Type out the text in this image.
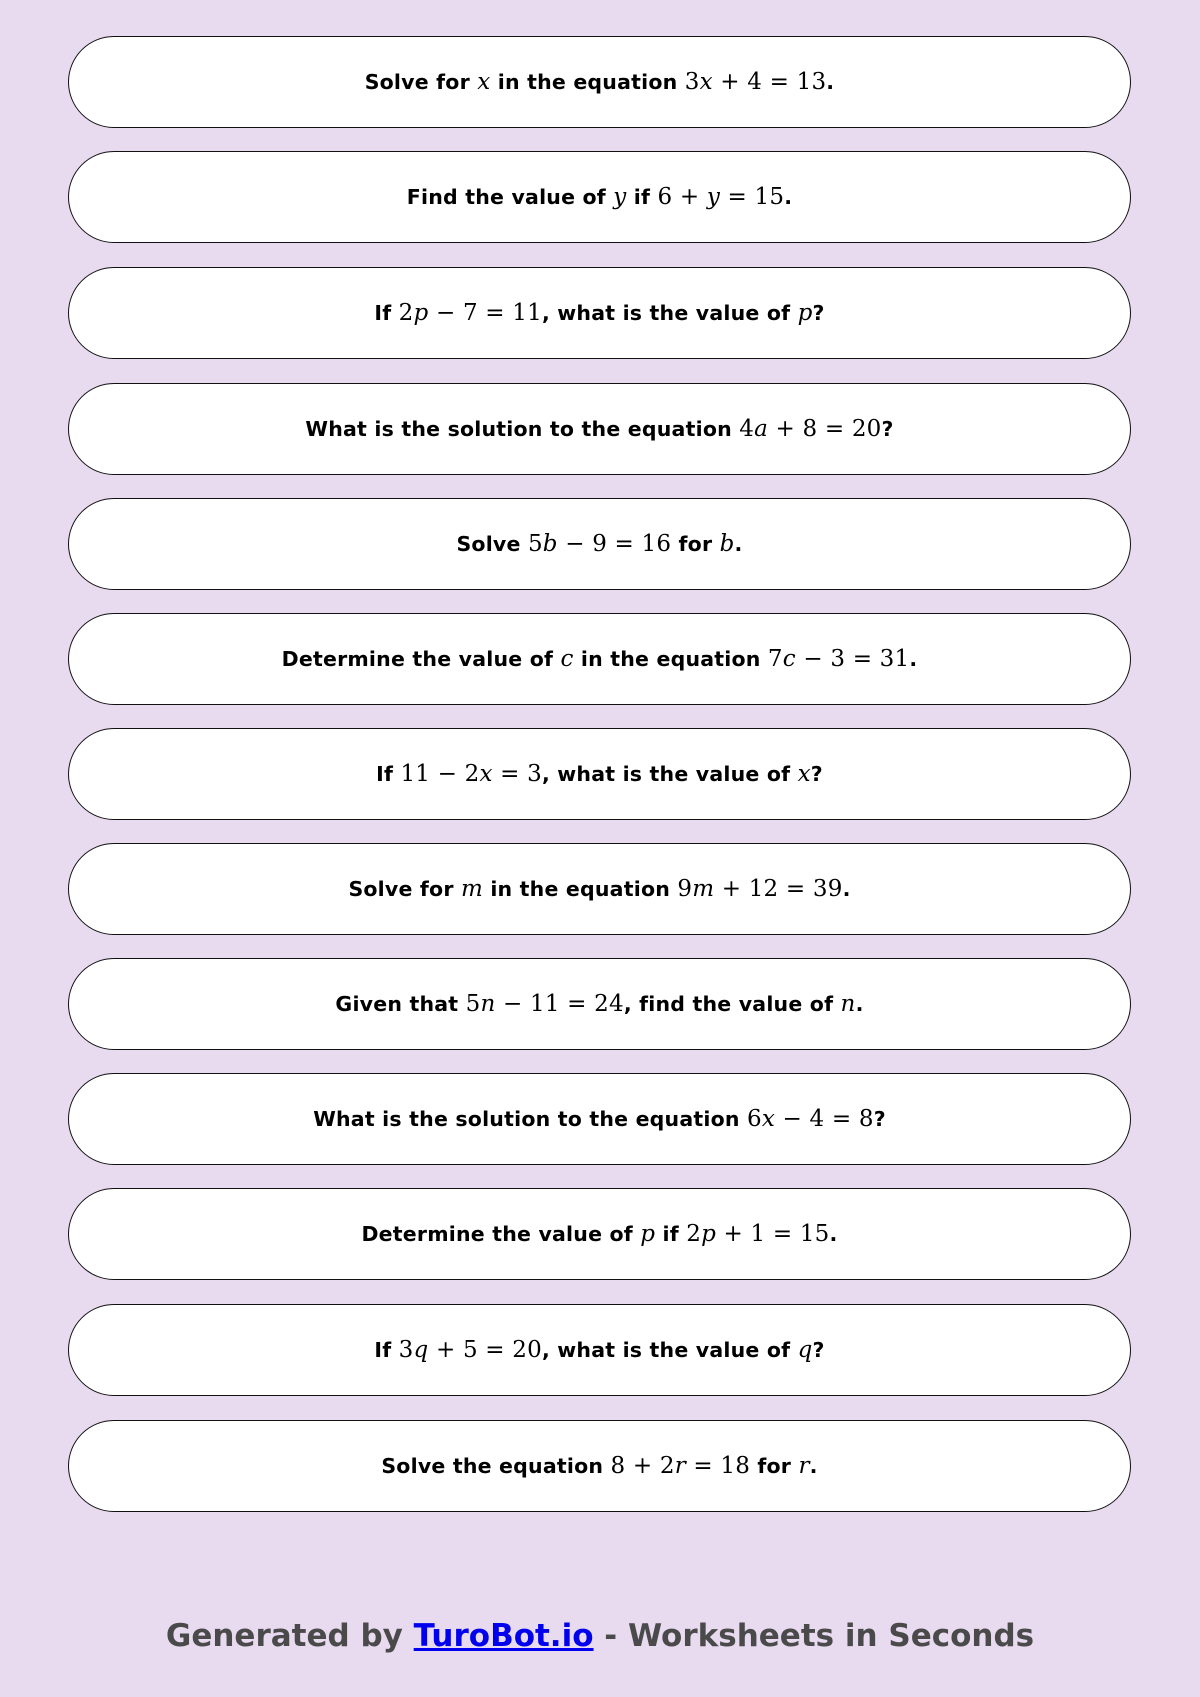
Solve for x in the equation 3x + 4 = 13.
Find the value of y if 6 + y = 15.
If 2p − 7 = 11, what is the value of p?
What is the solution to the equation 4a + 8 = 20?
Solve 5b − 9 = 16 for b.
Determine the value of c in the equation 7c − 3 = 31.
If 11 − 2x = 3, what is the value of x?
Solve for m in the equation 9m + 12 = 39.
Given that 5n − 11 = 24, find the value of n.
What is the solution to the equation 6x − 4 = 8?
Determine the value of p if 2p + 1 = 15.
If 3q + 5 = 20, what is the value of q?
Solve the equation 8 + 2r = 18 for r.
Generated by TuroBot.io - Worksheets in Seconds
